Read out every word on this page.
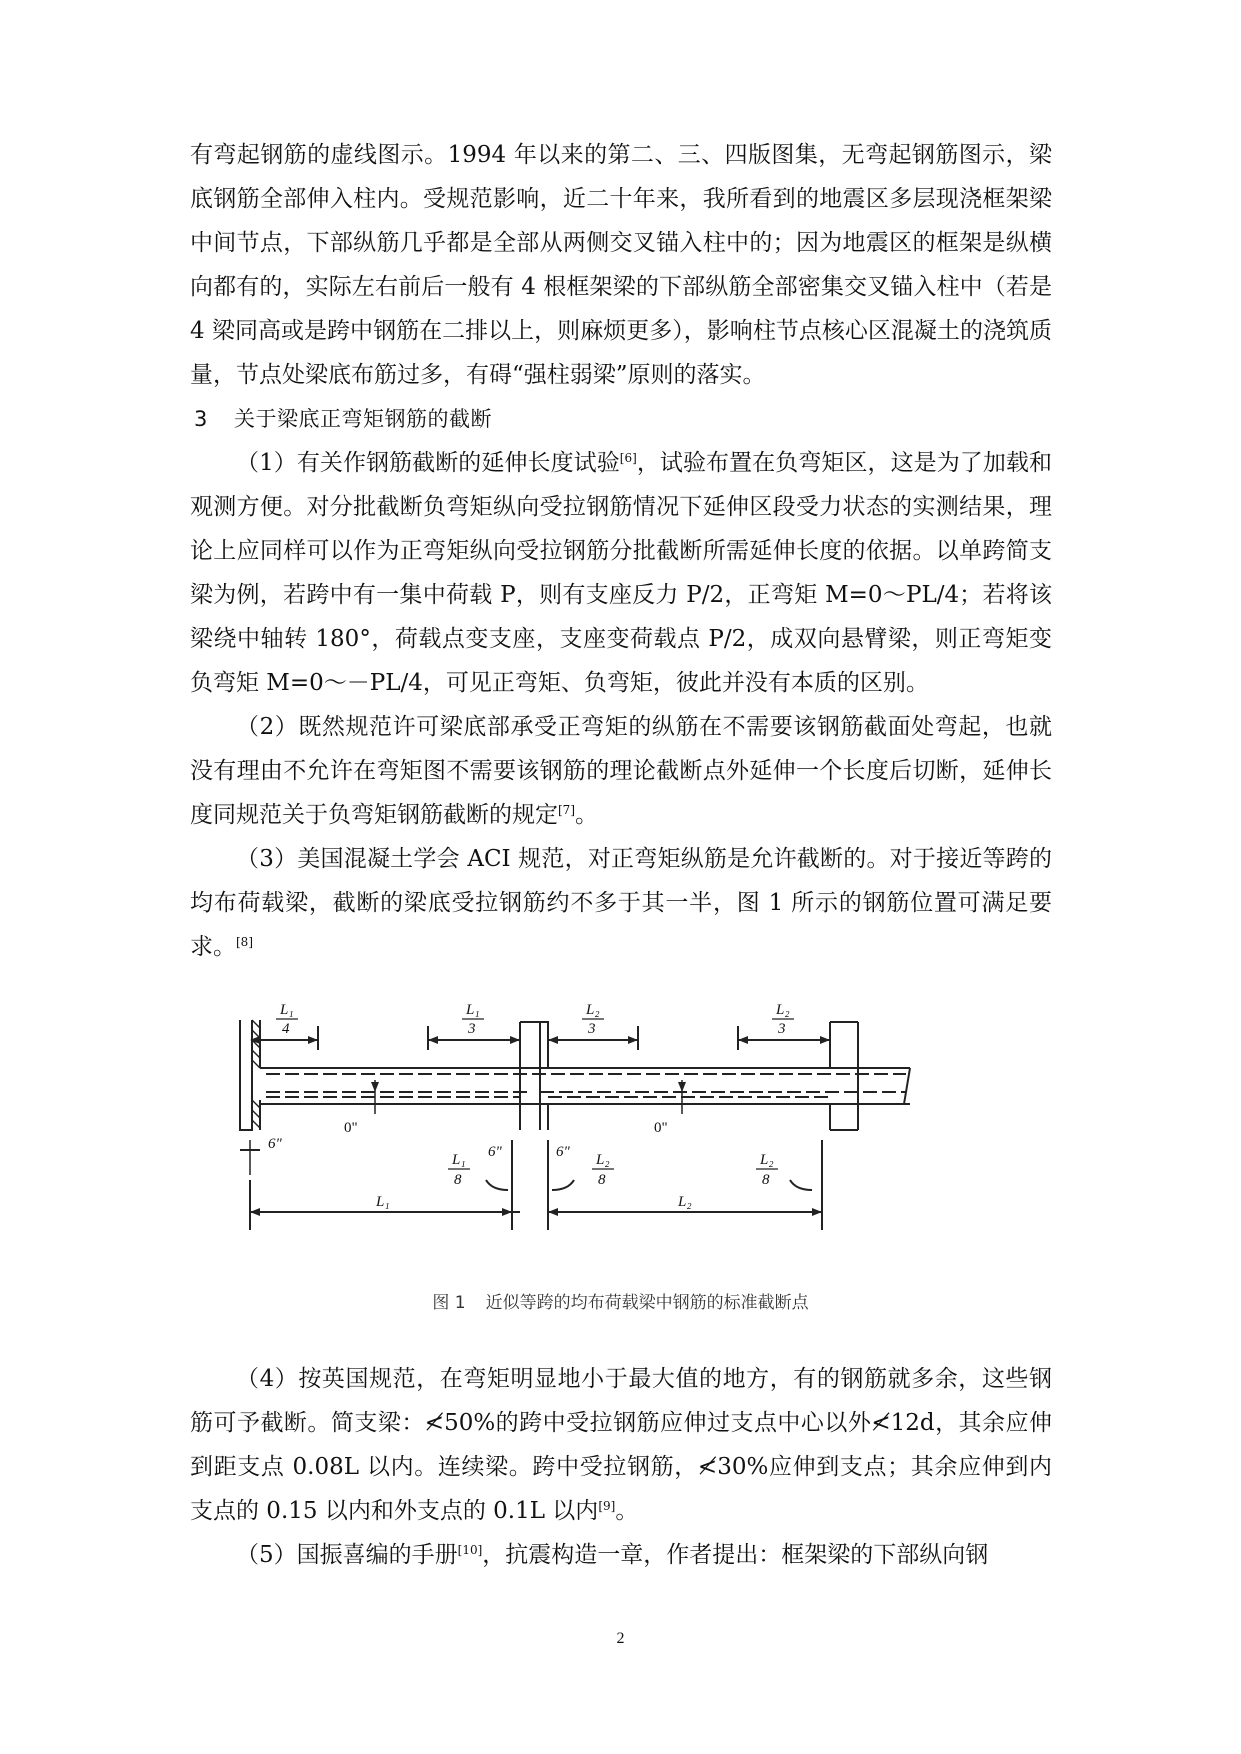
有弯起钢筋的虚线图示。1994 年以来的第二、三、四版图集，无弯起钢筋图示，梁底钢筋全部伸入柱内。受规范影响，近二十年来，我所看到的地震区多层现浇框架梁中间节点，下部纵筋几乎都是全部从两侧交叉锚入柱中的；因为地震区的框架是纵横向都有的，实际左右前后一般有 4 根框架梁的下部纵筋全部密集交叉锚入柱中（若是 4 梁同高或是跨中钢筋在二排以上，则麻烦更多），影响柱节点核心区混凝土的浇筑质量，节点处梁底布筋过多，有碍“强柱弱梁”原则的落实。

3 关于梁底正弯矩钢筋的截断

（1）有关作钢筋截断的延伸长度试验[6]，试验布置在负弯矩区，这是为了加载和观测方便。对分批截断负弯矩纵向受拉钢筋情况下延伸区段受力状态的实测结果，理论上应同样可以作为正弯矩纵向受拉钢筋分批截断所需延伸长度的依据。以单跨简支梁为例，若跨中有一集中荷载 P，则有支座反力 P/2，正弯矩 M=0～PL/4；若将该梁绕中轴转 180°，荷载点变支座，支座变荷载点 P/2，成双向悬臂梁，则正弯矩变负弯矩 M=0～－PL/4，可见正弯矩、负弯矩，彼此并没有本质的区别。

（2）既然规范许可梁底部承受正弯矩的纵筋在不需要该钢筋截面处弯起，也就没有理由不允许在弯矩图不需要该钢筋的理论截断点外延伸一个长度后切断，延伸长度同规范关于负弯矩钢筋截断的规定[7]。

（3）美国混凝土学会 ACI 规范，对正弯矩纵筋是允许截断的。对于接近等跨的均布荷载梁，截断的梁底受拉钢筋约不多于其一半，图 1 所示的钢筋位置可满足要求。[8]

L₁
4
L₁
3
L₂
3
L₂
3
0"	0"
6"	6"	6"
L₁
8
L₂
8
L₂
8
L₁	L₂
图 1 近似等跨的均布荷载梁中钢筋的标准截断点

（4）按英国规范，在弯矩明显地小于最大值的地方，有的钢筋就多余，这些钢筋可予截断。简支梁：≮50%的跨中受拉钢筋应伸过支点中心以外≮12d，其余应伸到距支点 0.08L 以内。连续梁。跨中受拉钢筋，≮30%应伸到支点；其余应伸到内支点的 0.15 以内和外支点的 0.1L 以内[9]。

（5）国振喜编的手册[10]，抗震构造一章，作者提出：框架梁的下部纵向钢

2
